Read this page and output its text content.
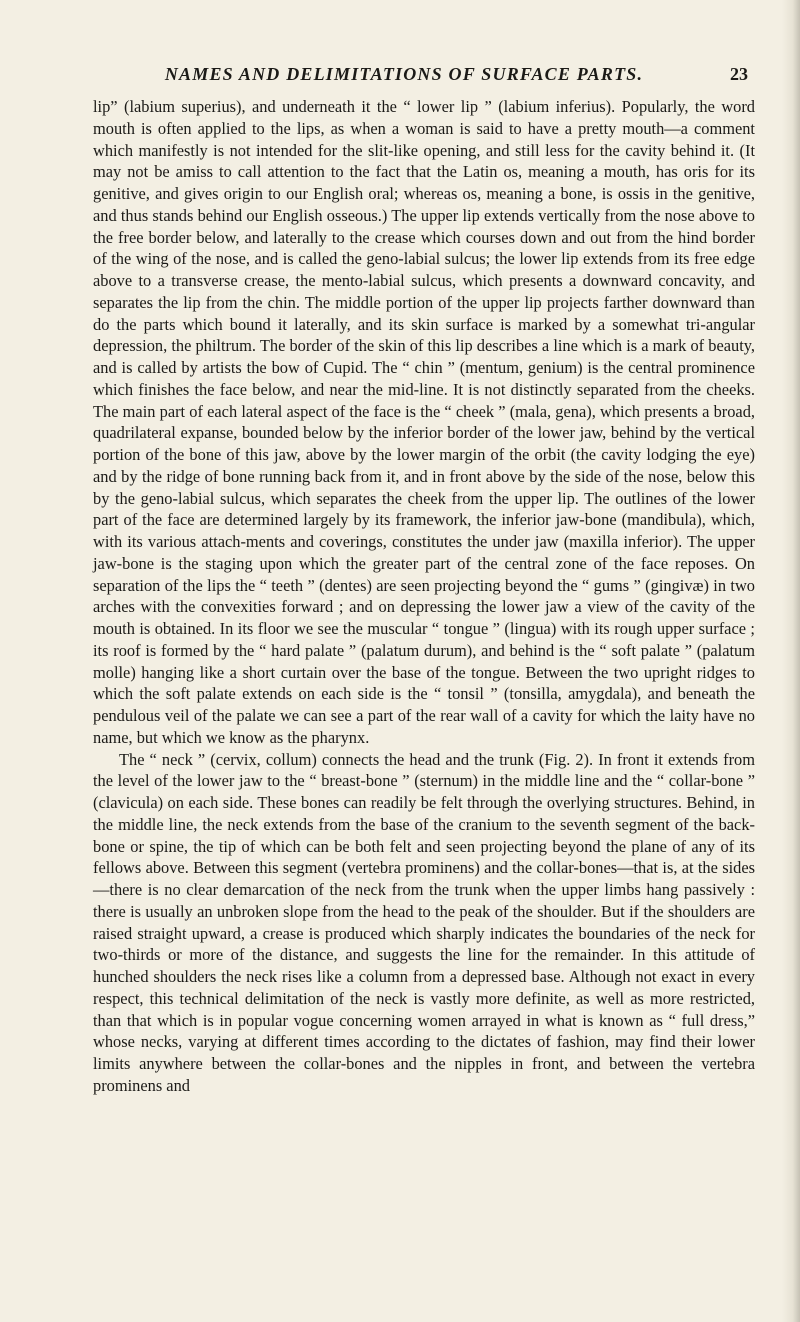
NAMES AND DELIMITATIONS OF SURFACE PARTS.	23

lip” (labium superius), and underneath it the “ lower lip ” (labium inferius). Popularly, the word mouth is often applied to the lips, as when a woman is said to have a pretty mouth—a comment which manifestly is not intended for the slit-like opening, and still less for the cavity behind it. (It may not be amiss to call attention to the fact that the Latin os, meaning a mouth, has oris for its genitive, and gives origin to our English oral; whereas os, meaning a bone, is ossis in the genitive, and thus stands behind our English osseous.) The upper lip extends vertically from the nose above to the free border below, and laterally to the crease which courses down and out from the hind border of the wing of the nose, and is called the geno-labial sulcus; the lower lip extends from its free edge above to a transverse crease, the mento-labial sulcus, which presents a downward concavity, and separates the lip from the chin. The middle portion of the upper lip projects farther downward than do the parts which bound it laterally, and its skin surface is marked by a somewhat tri-angular depression, the philtrum. The border of the skin of this lip describes a line which is a mark of beauty, and is called by artists the bow of Cupid. The “ chin ” (mentum, genium) is the central prominence which finishes the face below, and near the mid-line. It is not distinctly separated from the cheeks. The main part of each lateral aspect of the face is the “ cheek ” (mala, gena), which presents a broad, quadrilateral expanse, bounded below by the inferior border of the lower jaw, behind by the vertical portion of the bone of this jaw, above by the lower margin of the orbit (the cavity lodging the eye) and by the ridge of bone running back from it, and in front above by the side of the nose, below this by the geno-labial sulcus, which separates the cheek from the upper lip. The outlines of the lower part of the face are determined largely by its framework, the inferior jaw-bone (mandibula), which, with its various attach-ments and coverings, constitutes the under jaw (maxilla inferior). The upper jaw-bone is the staging upon which the greater part of the central zone of the face reposes. On separation of the lips the “ teeth ” (dentes) are seen projecting beyond the “ gums ” (gingivæ) in two arches with the convexities forward ; and on depressing the lower jaw a view of the cavity of the mouth is obtained. In its floor we see the muscular “ tongue ” (lingua) with its rough upper surface ; its roof is formed by the “ hard palate ” (palatum durum), and behind is the “ soft palate ” (palatum molle) hanging like a short curtain over the base of the tongue. Between the two upright ridges to which the soft palate extends on each side is the “ tonsil ” (tonsilla, amygdala), and beneath the pendulous veil of the palate we can see a part of the rear wall of a cavity for which the laity have no name, but which we know as the pharynx.

The “ neck ” (cervix, collum) connects the head and the trunk (Fig. 2). In front it extends from the level of the lower jaw to the “ breast-bone ” (sternum) in the middle line and the “ collar-bone ” (clavicula) on each side. These bones can readily be felt through the overlying structures. Behind, in the middle line, the neck extends from the base of the cranium to the seventh segment of the back-bone or spine, the tip of which can be both felt and seen projecting beyond the plane of any of its fellows above. Between this segment (vertebra prominens) and the collar-bones—that is, at the sides—there is no clear demarcation of the neck from the trunk when the upper limbs hang passively : there is usually an unbroken slope from the head to the peak of the shoulder. But if the shoulders are raised straight upward, a crease is produced which sharply indicates the boundaries of the neck for two-thirds or more of the distance, and suggests the line for the remainder. In this attitude of hunched shoulders the neck rises like a column from a depressed base. Although not exact in every respect, this technical delimitation of the neck is vastly more definite, as well as more restricted, than that which is in popular vogue concerning women arrayed in what is known as “ full dress,” whose necks, varying at different times according to the dictates of fashion, may find their lower limits anywhere between the collar-bones and the nipples in front, and between the vertebra prominens and
